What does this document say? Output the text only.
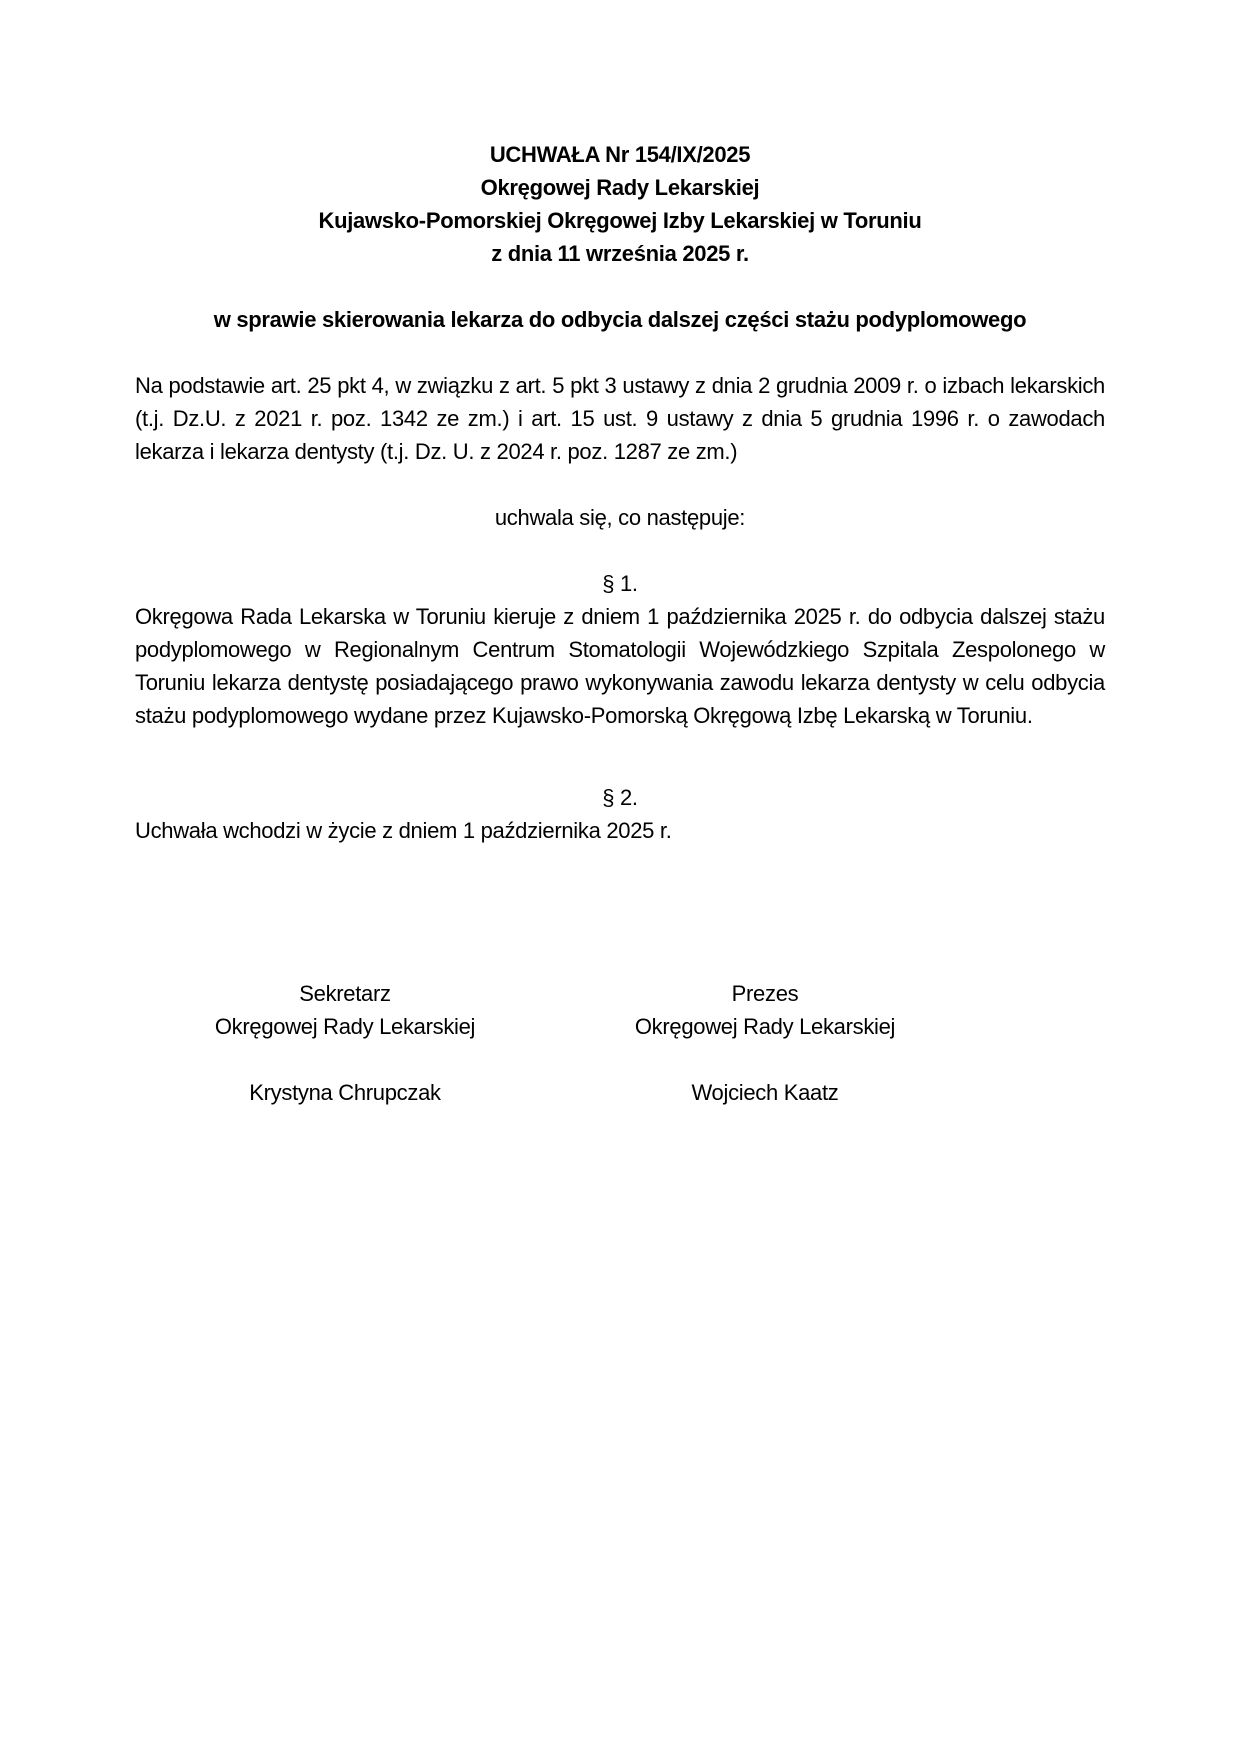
UCHWAŁA Nr 154/IX/2025
Okręgowej Rady Lekarskiej
Kujawsko-Pomorskiej Okręgowej Izby Lekarskiej w Toruniu
z dnia 11 września 2025 r.
w sprawie skierowania lekarza do odbycia dalszej części stażu podyplomowego
Na podstawie art. 25 pkt 4, w związku z art. 5 pkt 3 ustawy z dnia 2 grudnia 2009 r. o izbach lekarskich (t.j. Dz.U. z 2021 r. poz. 1342 ze zm.) i art. 15 ust. 9 ustawy z dnia 5 grudnia 1996 r. o zawodach lekarza i lekarza dentysty (t.j. Dz. U. z 2024 r. poz. 1287 ze zm.)
uchwala się, co następuje:
§ 1.
Okręgowa Rada Lekarska w Toruniu kieruje z dniem 1 października 2025 r. do odbycia dalszej stażu podyplomowego w Regionalnym Centrum Stomatologii Wojewódzkiego Szpitala Zespolonego w Toruniu lekarza dentystę posiadającego prawo wykonywania zawodu lekarza dentysty w celu odbycia stażu podyplomowego wydane przez Kujawsko-Pomorską Okręgową Izbę Lekarską w Toruniu.
§ 2.
Uchwała wchodzi w życie z dniem 1 października 2025 r.
Sekretarz
Okręgowej Rady Lekarskiej
Krystyna Chrupczak
Prezes
Okręgowej Rady Lekarskiej
Wojciech Kaatz
